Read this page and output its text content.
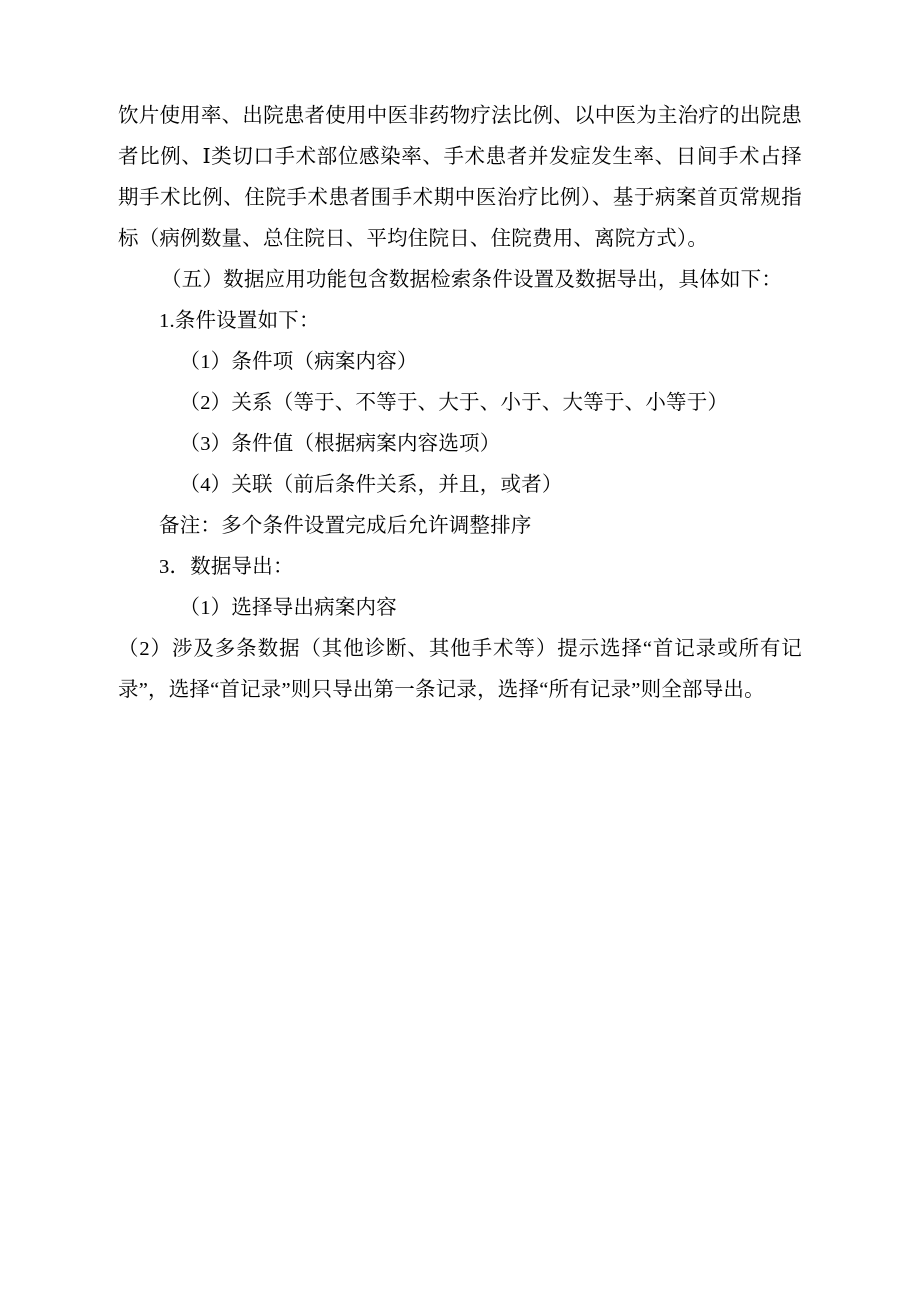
饮片使用率、出院患者使用中医非药物疗法比例、以中医为主治疗的出院患者比例、Ⅰ类切口手术部位感染率、手术患者并发症发生率、日间手术占择期手术比例、住院手术患者围手术期中医治疗比例）、基于病案首页常规指标（病例数量、总住院日、平均住院日、住院费用、离院方式）。

（五）数据应用功能包含数据检索条件设置及数据导出，具体如下：

1.条件设置如下：

（1）条件项（病案内容）

（2）关系（等于、不等于、大于、小于、大等于、小等于）

（3）条件值（根据病案内容选项）

（4）关联（前后条件关系，并且，或者）

备注：多个条件设置完成后允许调整排序

3．数据导出：

（1）选择导出病案内容

（2）涉及多条数据（其他诊断、其他手术等）提示选择“首记录或所有记录”，选择“首记录”则只导出第一条记录，选择“所有记录”则全部导出。
